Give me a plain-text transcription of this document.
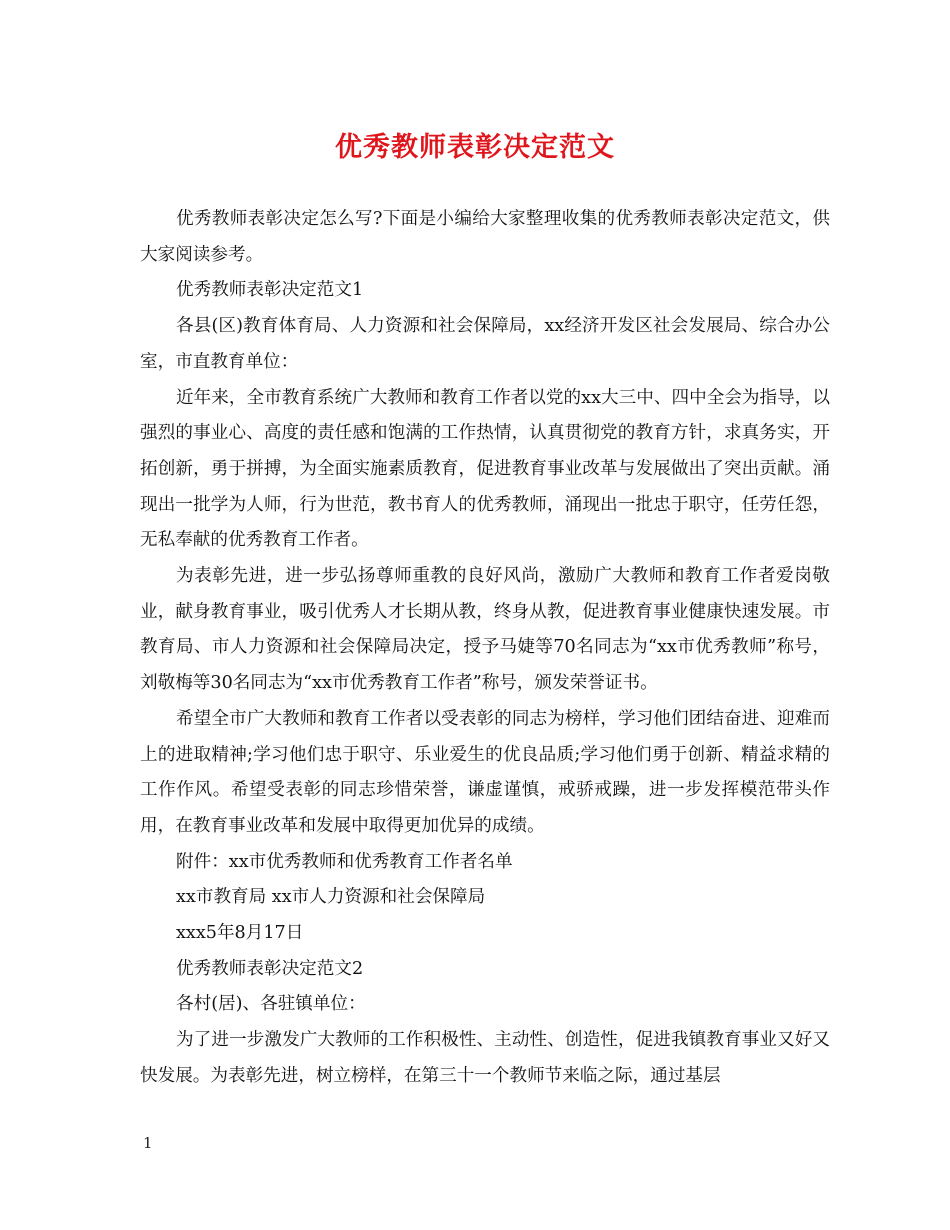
优秀教师表彰决定范文

优秀教师表彰决定怎么写?下面是小编给大家整理收集的优秀教师表彰决定范文，供大家阅读参考。

优秀教师表彰决定范文1

各县(区)教育体育局、人力资源和社会保障局，xx经济开发区社会发展局、综合办公室，市直教育单位：

近年来，全市教育系统广大教师和教育工作者以党的xx大三中、四中全会为指导，以强烈的事业心、高度的责任感和饱满的工作热情，认真贯彻党的教育方针，求真务实，开拓创新，勇于拼搏，为全面实施素质教育，促进教育事业改革与发展做出了突出贡献。涌现出一批学为人师，行为世范，教书育人的优秀教师，涌现出一批忠于职守，任劳任怨，无私奉献的优秀教育工作者。

为表彰先进，进一步弘扬尊师重教的良好风尚，激励广大教师和教育工作者爱岗敬业，献身教育事业，吸引优秀人才长期从教，终身从教，促进教育事业健康快速发展。市教育局、市人力资源和社会保障局决定，授予马婕等70名同志为“xx市优秀教师”称号，刘敬梅等30名同志为“xx市优秀教育工作者”称号，颁发荣誉证书。

希望全市广大教师和教育工作者以受表彰的同志为榜样，学习他们团结奋进、迎难而上的进取精神;学习他们忠于职守、乐业爱生的优良品质;学习他们勇于创新、精益求精的工作作风。希望受表彰的同志珍惜荣誉，谦虚谨慎，戒骄戒躁，进一步发挥模范带头作用，在教育事业改革和发展中取得更加优异的成绩。

附件：xx市优秀教师和优秀教育工作者名单

xx市教育局 xx市人力资源和社会保障局

xxx5年8月17日

优秀教师表彰决定范文2

各村(居)、各驻镇单位：

为了进一步激发广大教师的工作积极性、主动性、创造性，促进我镇教育事业又好又快发展。为表彰先进，树立榜样，在第三十一个教师节来临之际，通过基层

1
